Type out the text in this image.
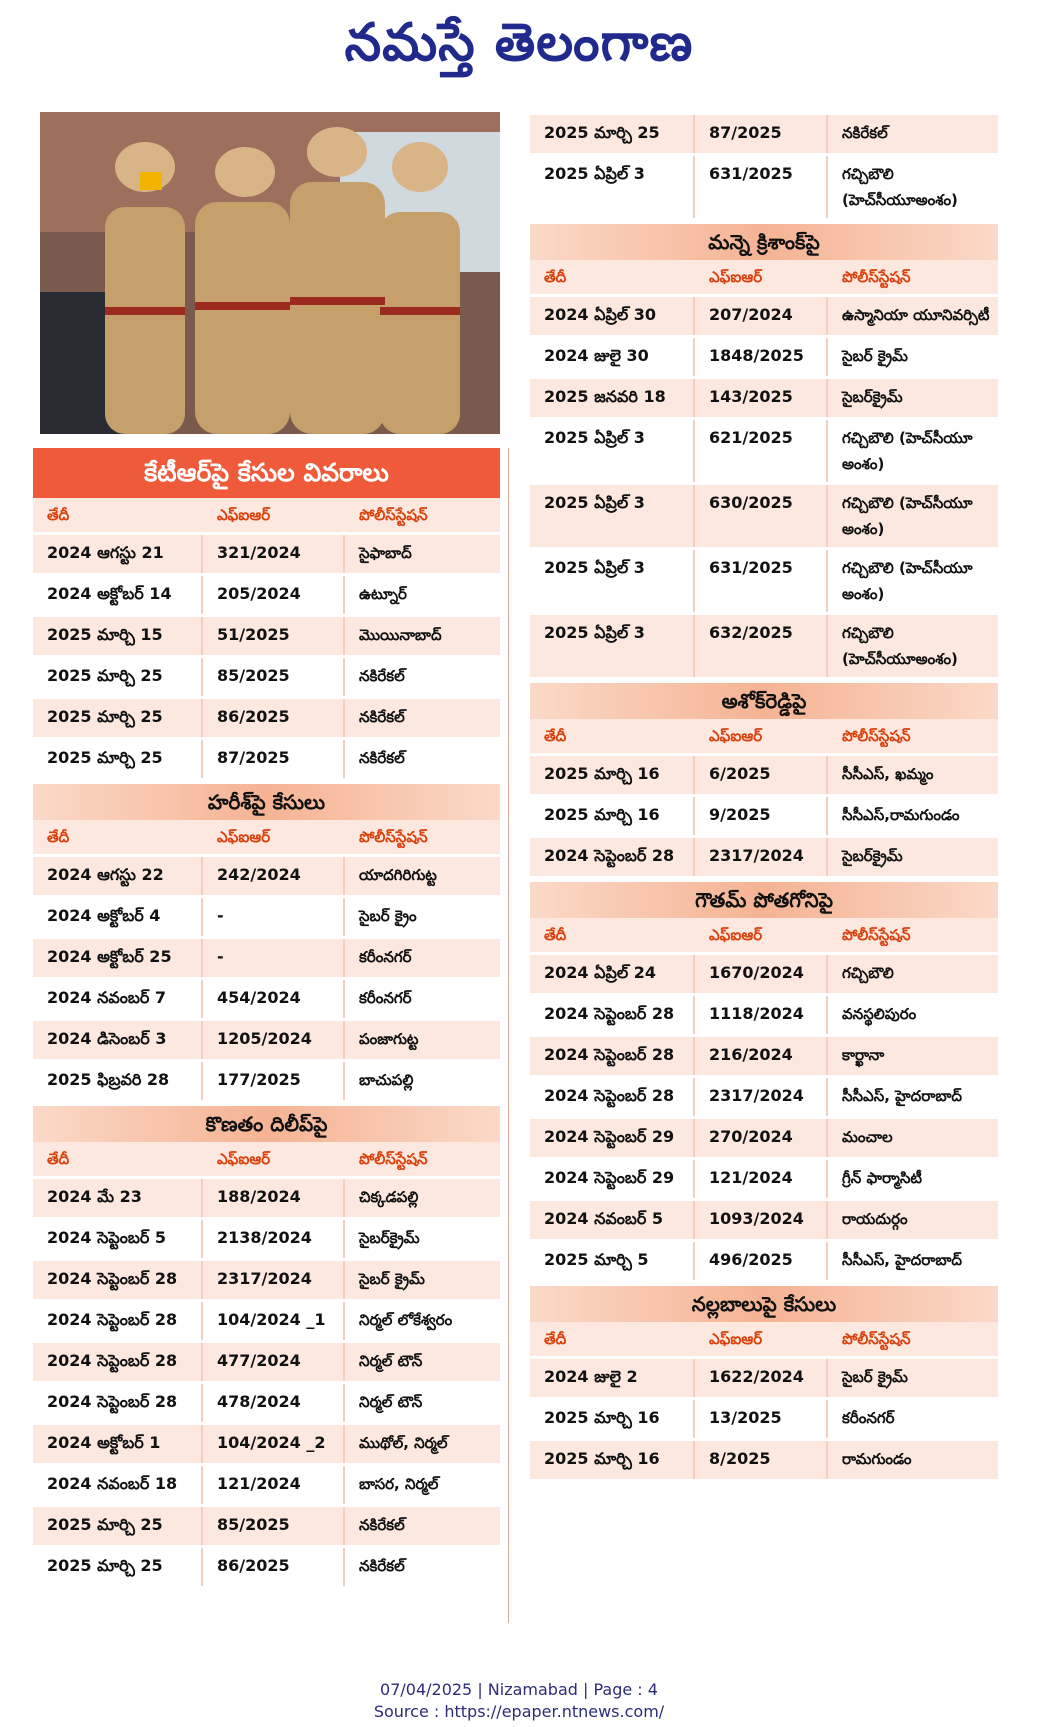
నమస్తే తెలంగాణ
కేటీఆర్‌పై కేసుల వివరాలు
తేదీ	ఎఫ్ఐఆర్	పోలీస్‌స్టేషన్
2024 ఆగస్టు 21	321/2024	సైఫాబాద్
2024 అక్టోబర్ 14	205/2024	ఉట్నూర్
2025 మార్చి 15	51/2025	మొయినాబాద్
2025 మార్చి 25	85/2025	నకిరేకల్
2025 మార్చి 25	86/2025	నకిరేకల్
2025 మార్చి 25	87/2025	నకిరేకల్
హరీశ్‌పై కేసులు
తేదీ	ఎఫ్ఐఆర్	పోలీస్‌స్టేషన్
2024 ఆగస్టు 22	242/2024	యాదగిరిగుట్ట
2024 అక్టోబర్ 4	-	సైబర్ క్రైం
2024 అక్టోబర్ 25	-	కరీంనగర్
2024 నవంబర్ 7	454/2024	కరీంనగర్
2024 డిసెంబర్ 3	1205/2024	పంజాగుట్ట
2025 ఫిబ్రవరి 28	177/2025	బాచుపల్లి
కొణతం దిలీప్‌పై
తేదీ	ఎఫ్ఐఆర్	పోలీస్‌స్టేషన్
2024 మే 23	188/2024	చిక్కడపల్లి
2024 సెప్టెంబర్ 5	2138/2024	సైబర్‌క్రైమ్
2024 సెప్టెంబర్ 28	2317/2024	సైబర్ క్రైమ్
2024 సెప్టెంబర్ 28	104/2024 _1	నిర్మల్ లోకేశ్వరం
2024 సెప్టెంబర్ 28	477/2024	నిర్మల్ టౌన్
2024 సెప్టెంబర్ 28	478/2024	నిర్మల్ టౌన్
2024 అక్టోబర్ 1	104/2024 _2	ముథోల్, నిర్మల్
2024 నవంబర్ 18	121/2024	బాసర, నిర్మల్
2025 మార్చి 25	85/2025	నకిరేకల్
2025 మార్చి 25	86/2025	నకిరేకల్
2025 మార్చి 25	87/2025	నకిరేకల్
2025 ఏప్రిల్ 3	631/2025	గచ్చిబౌలి (హెచ్‌సీయూఅంశం)
మన్నె క్రిశాంక్‌పై
తేదీ	ఎఫ్ఐఆర్	పోలీస్‌స్టేషన్
2024 ఏప్రిల్ 30	207/2024	ఉస్మానియా యూనివర్సిటీ
2024 జులై 30	1848/2025	సైబర్ క్రైమ్
2025 జనవరి 18	143/2025	సైబర్‌క్రైమ్
2025 ఏప్రిల్ 3	621/2025	గచ్చిబౌలి (హెచ్‌సీయూ అంశం)
2025 ఏప్రిల్ 3	630/2025	గచ్చిబౌలి (హెచ్‌సీయూ అంశం)
2025 ఏప్రిల్ 3	631/2025	గచ్చిబౌలి (హెచ్‌సీయూ అంశం)
2025 ఏప్రిల్ 3	632/2025	గచ్చిబౌలి (హెచ్‌సీయూఅంశం)
అశోక్‌రెడ్డిపై
తేదీ	ఎఫ్ఐఆర్	పోలీస్‌స్టేషన్
2025 మార్చి 16	6/2025	సీసీఎస్, ఖమ్మం
2025 మార్చి 16	9/2025	సీసీఎస్,రామగుండం
2024 సెప్టెంబర్ 28	2317/2024	సైబర్‌క్రైమ్
గౌతమ్ పోతగోనిపై
తేదీ	ఎఫ్ఐఆర్	పోలీస్‌స్టేషన్
2024 ఏప్రిల్ 24	1670/2024	గచ్చిబౌలి
2024 సెప్టెంబర్ 28	1118/2024	వనస్థలిపురం
2024 సెప్టెంబర్ 28	216/2024	కార్ఖానా
2024 సెప్టెంబర్ 28	2317/2024	సీసీఎస్, హైదరాబాద్
2024 సెప్టెంబర్ 29	270/2024	మంచాల
2024 సెప్టెంబర్ 29	121/2024	గ్రీన్ ఫార్మాసిటీ
2024 నవంబర్ 5	1093/2024	రాయదుర్గం
2025 మార్చి 5	496/2025	సీసీఎస్, హైదరాబాద్
నల్లబాలుపై కేసులు
తేదీ	ఎఫ్ఐఆర్	పోలీస్‌స్టేషన్
2024 జులై 2	1622/2024	సైబర్ క్రైమ్
2025 మార్చి 16	13/2025	కరీంనగర్
2025 మార్చి 16	8/2025	రామగుండం
07/04/2025 | Nizamabad | Page : 4
Source : https://epaper.ntnews.com/
